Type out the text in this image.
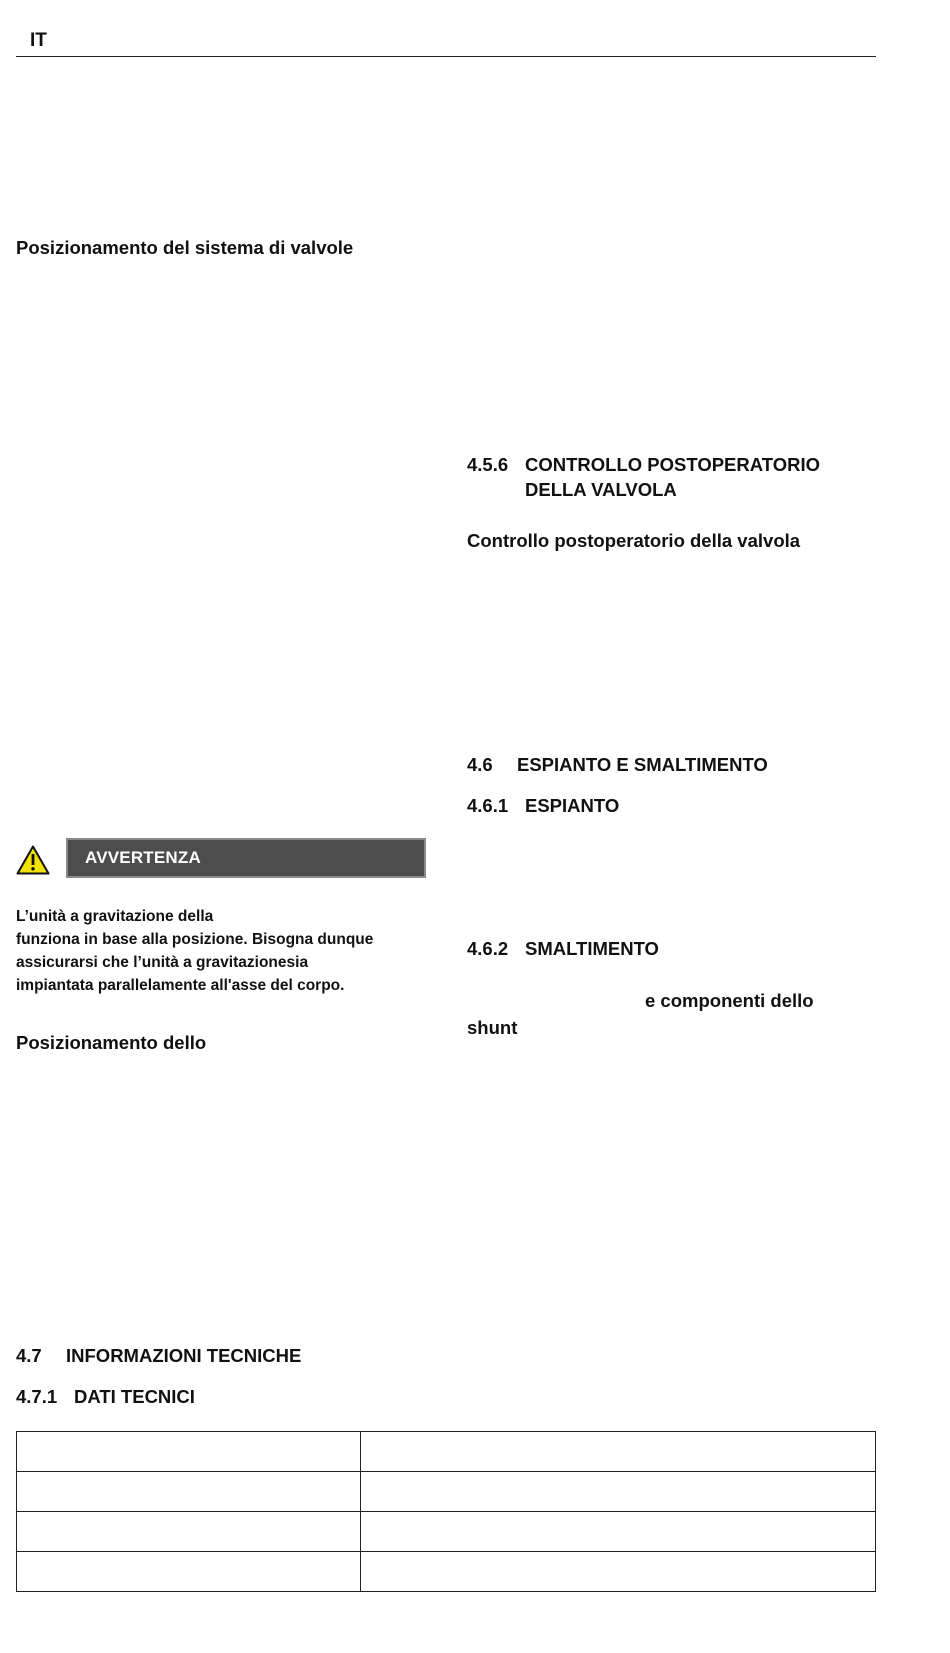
IT
Posizionamento del sistema di valvole
4.5.6 CONTROLLO POSTOPERATORIO
DELLA VALVOLA
Controllo postoperatorio della valvola
4.6 ESPIANTO E SMALTIMENTO
4.6.1 ESPIANTO
AVVERTENZA
L’unità a gravitazione della
funziona in base alla posizione. Bisogna dunque
assicurarsi che l’unità a gravitazionesia
impiantata parallelamente all'asse del corpo.
4.6.2 SMALTIMENTO
e componenti dello
shunt
Posizionamento dello
4.7 INFORMAZIONI TECNICHE
4.7.1 DATI TECNICI
